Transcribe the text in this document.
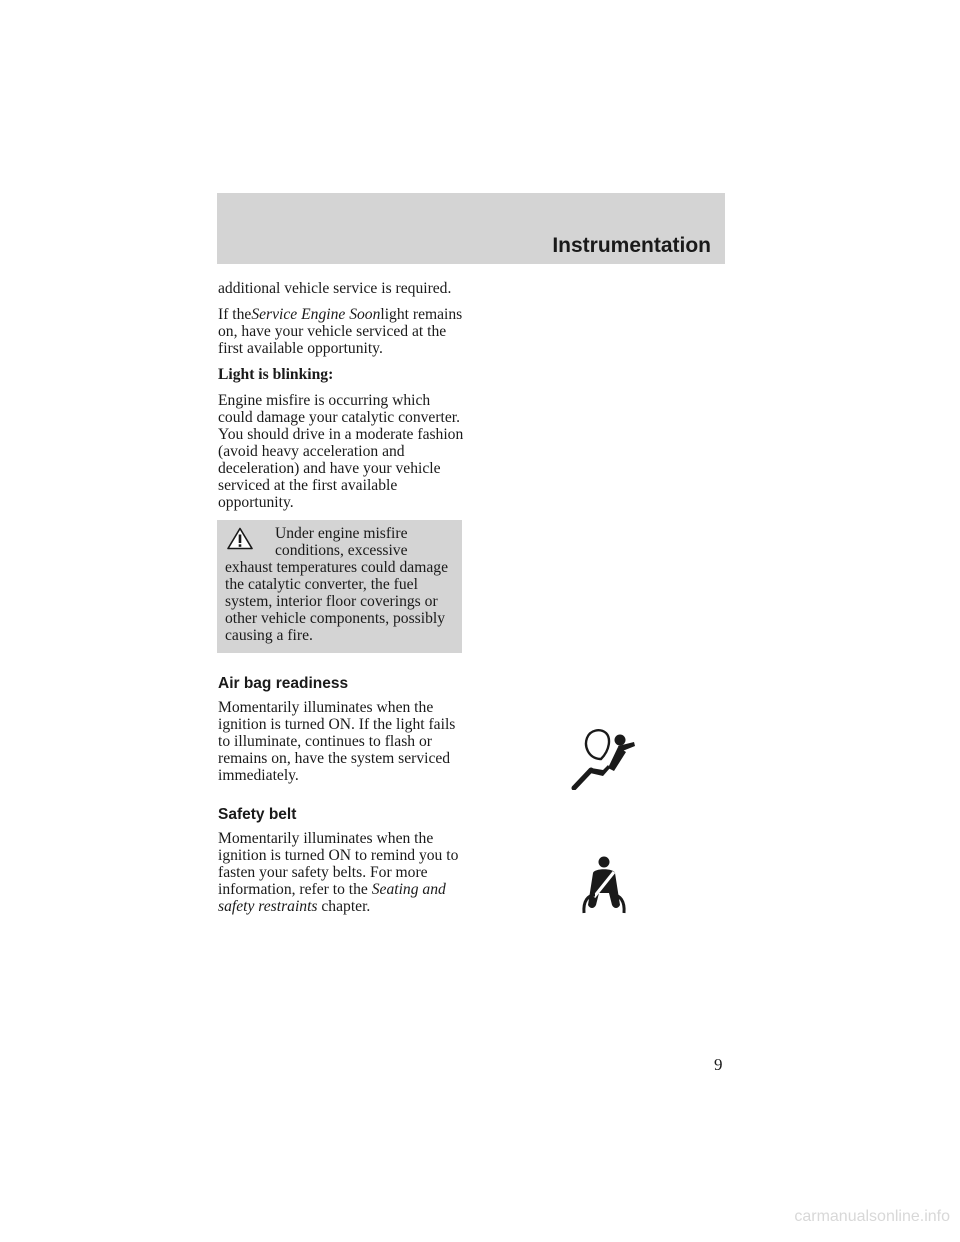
Instrumentation

additional vehicle service is required.

If theService Engine Soonlight remains on, have your vehicle serviced at the first available opportunity.

Light is blinking:

Engine misfire is occurring which could damage your catalytic converter. You should drive in a moderate fashion (avoid heavy acceleration and deceleration) and have your vehicle serviced at the first available opportunity.

Under engine misfire
conditions, excessive
exhaust temperatures could damage the catalytic converter, the fuel system, interior floor coverings or other vehicle components, possibly causing a fire.
Air bag readiness

Momentarily illuminates when the ignition is turned ON. If the light fails to illuminate, continues to flash or remains on, have the system serviced immediately.

Safety belt

Momentarily illuminates when the ignition is turned ON to remind you to fasten your safety belts. For more information, refer to the Seating and safety restraints chapter.

9
carmanualsonline.info
